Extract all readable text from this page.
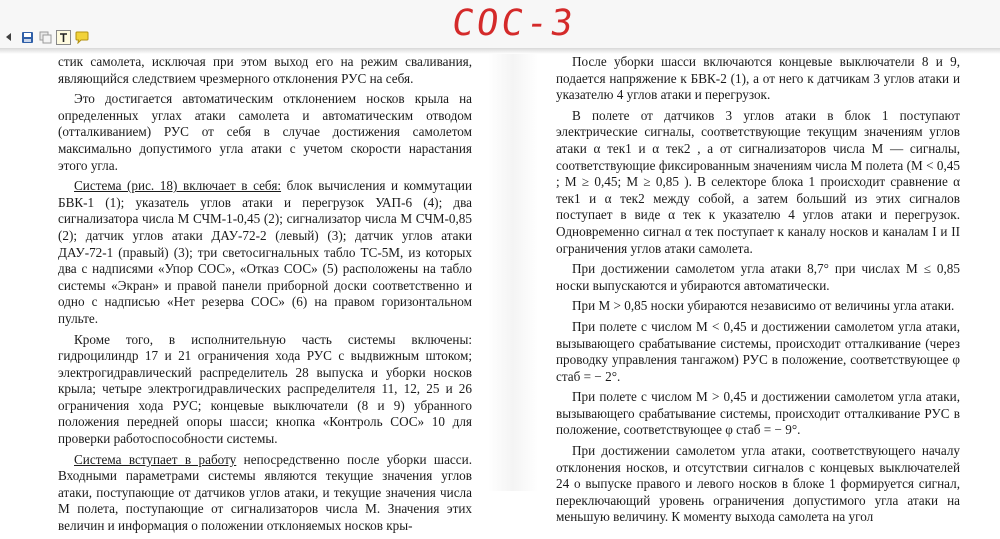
СОС-3

стик самолета, исключая при этом выход его на режим сваливания, являющийся следствием чрезмерного отклонения РУС на себя.

Это достигается автоматическим отклонением носков крыла на определенных углах атаки самолета и автоматическим отводом (отталкиванием) РУС от себя в случае достижения самолетом максимально допустимого угла атаки с учетом скорости нарастания этого угла.

Система (рис. 18) включает в себя: блок вычисления и коммутации БВК-1 (1); указатель углов атаки и перегрузок УАП-6 (4); два сигнализатора числа М СЧМ-1-0,45 (2); сигнализатор числа М СЧМ-0,85 (2); датчик углов атаки ДАУ-72-2 (левый) (3); датчик углов атаки ДАУ-72-1 (правый) (3); три светосигнальных табло ТС-5М, из которых два с надписями «Упор СОС», «Отказ СОС» (5) расположены на табло системы «Экран» и правой панели приборной доски соответственно и одно с надписью «Нет резерва СОС» (6) на правом горизонтальном пульте.

Кроме того, в исполнительную часть системы включены: гидроцилиндр 17 и 21 ограничения хода РУС с выдвижным штоком; электрогидравлический распределитель 28 выпуска и уборки носков крыла; четыре электрогидравлических распределителя 11, 12, 25 и 26 ограничения хода РУС; концевые выключатели (8 и 9) убранного положения передней опоры шасси; кнопка «Контроль СОС» 10 для проверки работоспособности системы.

Система вступает в работу непосредственно после уборки шасси. Входными параметрами системы являются текущие значения углов атаки, поступающие от датчиков углов атаки, и текущие значения числа М полета, поступающие от сигнализаторов числа М. Значения этих величин и информация о положении отклоняемых носков кры-

После уборки шасси включаются концевые выключатели 8 и 9, подается напряжение к БВК-2 (1), а от него к датчикам 3 углов атаки и указателю 4 углов атаки и перегрузок.

В полете от датчиков 3 углов атаки в блок 1 поступают электрические сигналы, соответствующие текущим значениям углов атаки α тек1 и α тек2 , а от сигнализаторов числа М — сигналы, соответствующие фиксированным значениям числа М полета (M < 0,45 ; M ≥ 0,45; M ≥ 0,85 ). В селекторе блока 1 происходит сравнение α тек1 и α тек2 между собой, а затем больший из этих сигналов поступает в виде α тек к указателю 4 углов атаки и перегрузок. Одновременно сигнал α тек поступает к каналу носков и каналам I и II ограничения углов атаки самолета.

При достижении самолетом угла атаки 8,7° при числах M ≤ 0,85 носки выпускаются и убираются автоматически.

При M > 0,85 носки убираются независимо от величины угла атаки.

При полете с числом M < 0,45 и достижении самолетом угла атаки, вызывающего срабатывание системы, происходит отталкивание (через проводку управления тангажом) РУС в положение, соответствующее φ стаб = − 2°.

При полете с числом M > 0,45 и достижении самолетом угла атаки, вызывающего срабатывание системы, происходит отталкивание РУС в положение, соответствующее φ стаб = − 9°.

При достижении самолетом угла атаки, соответствующего началу отклонения носков, и отсутствии сигналов с концевых выключателей 24 о выпуске правого и левого носков в блоке 1 формируется сигнал, переключающий уровень ограничения допустимого угла атаки на меньшую величину. К моменту выхода самолета на угол
